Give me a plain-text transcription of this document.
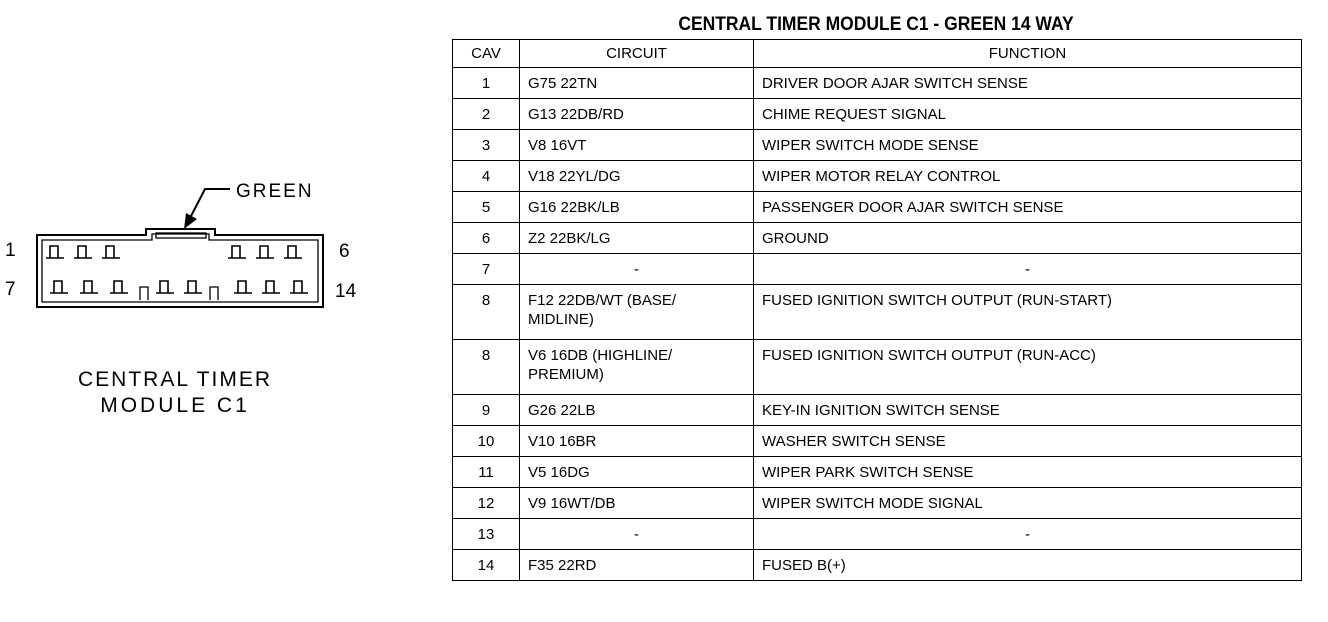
GREEN
1	6
7	14
CENTRAL TIMER
MODULE C1
CENTRAL TIMER MODULE C1 - GREEN 14 WAY
CAV	CIRCUIT	FUNCTION
1	G75 22TN	DRIVER DOOR AJAR SWITCH SENSE
2	G13 22DB/RD	CHIME REQUEST SIGNAL
3	V8 16VT	WIPER SWITCH MODE SENSE
4	V18 22YL/DG	WIPER MOTOR RELAY CONTROL
5	G16 22BK/LB	PASSENGER DOOR AJAR SWITCH SENSE
6	Z2 22BK/LG	GROUND
7	-	-
8	F12 22DB/WT (BASE/
MIDLINE)	FUSED IGNITION SWITCH OUTPUT (RUN-START)
8	V6 16DB (HIGHLINE/
PREMIUM)	FUSED IGNITION SWITCH OUTPUT (RUN-ACC)
9	G26 22LB	KEY-IN IGNITION SWITCH SENSE
10	V10 16BR	WASHER SWITCH SENSE
11	V5 16DG	WIPER PARK SWITCH SENSE
12	V9 16WT/DB	WIPER SWITCH MODE SIGNAL
13	-	-
14	F35 22RD	FUSED B(+)
